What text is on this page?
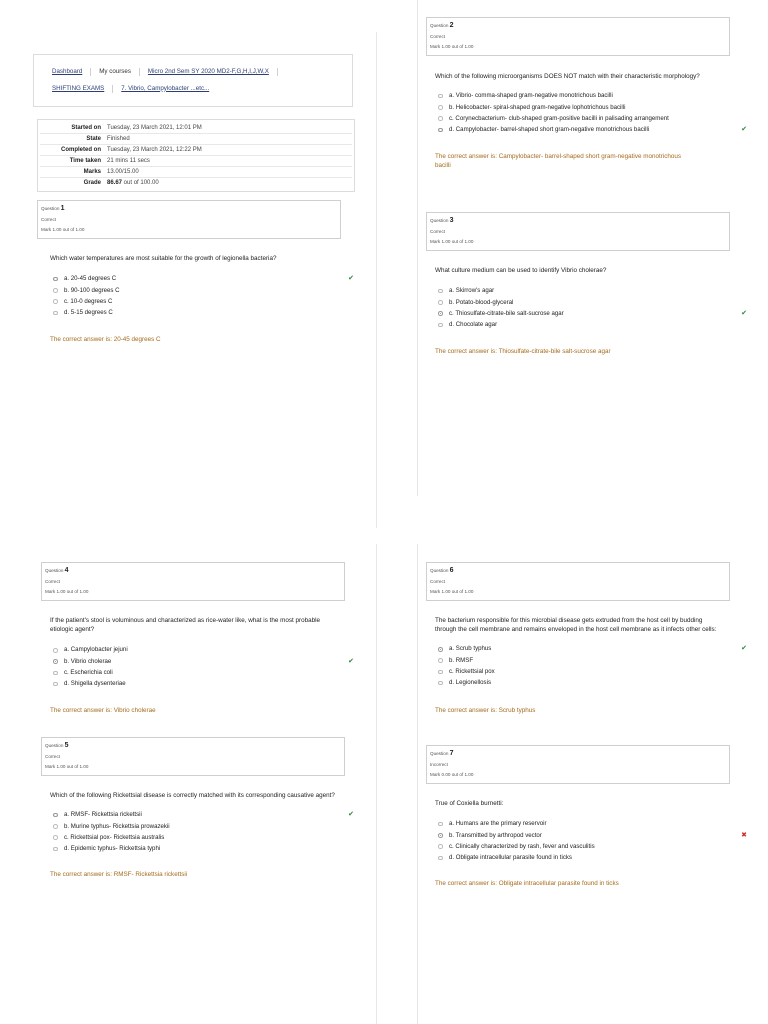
Dashboard	My courses	Micro 2nd Sem SY 2020 MD2-F,G,H,I,J,W,X
SHIFTING EXAMS	7. Vibrio, Campylobacter ...etc...
Started on	Tuesday, 23 March 2021, 12:01 PM
State	Finished
Completed on	Tuesday, 23 March 2021, 12:22 PM
Time taken	21 mins 11 secs
Marks	13.00/15.00
Grade	86.67 out of 100.00
Question 1
Correct
Mark 1.00 out of 1.00
Which water temperatures are most suitable for the growth of legionella bacteria?
a. 20-45 degrees C	✔
b. 90-100 degrees C
c. 10-0 degrees C
d. 5-15 degrees C
The correct answer is: 20-45 degrees C
Question 2
Correct
Mark 1.00 out of 1.00
Which of the following microorganisms DOES NOT match with their characteristic morphology?
a. Vibrio- comma-shaped gram-negative monotrichous bacilli
b. Helicobacter- spiral-shaped gram-negative lophotrichous bacilli
c. Corynecbacterium- club-shaped gram-positive bacilli in palisading arrangement
d. Campylobacter- barrel-shaped short gram-negative monotrichous bacilli	✔
The correct answer is: Campylobacter- barrel-shaped short gram-negative monotrichous bacilli
Question 3
Correct
Mark 1.00 out of 1.00
What culture medium can be used to identify Vibrio cholerae?
a. Skirrow's agar
b. Potato-blood-glyceral
c. Thiosulfate-citrate-bile salt-sucrose agar	✔
d. Chocolate agar
The correct answer is: Thiosulfate-citrate-bile salt-sucrose agar
Question 4
Correct
Mark 1.00 out of 1.00
If the patient's stool is voluminous and characterized as rice-water like, what is the most probable etiologic agent?
a. Campylobacter jejuni
b. Vibrio cholerae	✔
c. Escherichia coli
d. Shigella dysenteriae
The correct answer is: Vibrio cholerae
Question 5
Correct
Mark 1.00 out of 1.00
Which of the following Rickettsial disease is correctly matched with its corresponding causative agent?
a. RMSF- Rickettsia rickettsii	✔
b. Murine typhus- Rickettsia prowazekii
c. Rickettsial pox- Rickettsia australis
d. Epidemic typhus- Rickettsia typhi
The correct answer is: RMSF- Rickettsia rickettsii
Question 6
Correct
Mark 1.00 out of 1.00
The bacterium responsible for this microbial disease gets extruded from the host cell by budding through the cell membrane and remains enveloped in the host cell membrane as it infects other cells:
a. Scrub typhus	✔
b. RMSF
c. Rickettsial pox
d. Legionellosis
The correct answer is: Scrub typhus
Question 7
Incorrect
Mark 0.00 out of 1.00
True of Coxiella burnetti:
a. Humans are the primary reservoir
b. Transmitted by arthropod vector	✖
c. Clinically characterized by rash, fever and vasculitis
d. Obligate intracellular parasite found in ticks
The correct answer is: Obligate intracellular parasite found in ticks
